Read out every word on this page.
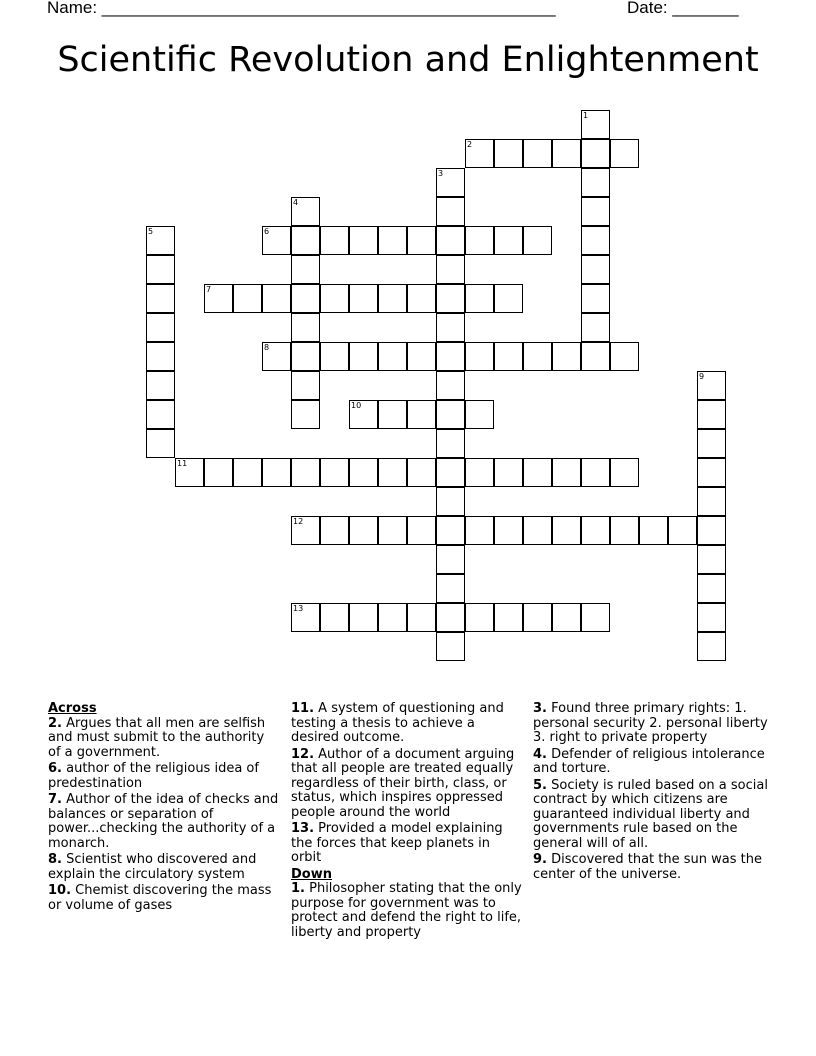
Name: ________________________________________________	Date: _______
Scientific Revolution and Enlightenment
2
6
7
8
10
11
12
13
1
3
4
5
9
Across
2. Argues that all men are selfish and must submit to the authority of a government.
6. author of the religious idea of predestination
7. Author of the idea of checks and balances or separation of power...checking the authority of a monarch.
8. Scientist who discovered and explain the circulatory system
10. Chemist discovering the mass or volume of gases
11. A system of questioning and testing a thesis to achieve a desired outcome.
12. Author of a document arguing that all people are treated equally regardless of their birth, class, or status, which inspires oppressed people around the world
13. Provided a model explaining the forces that keep planets in orbit
Down
1. Philosopher stating that the only purpose for government was to protect and defend the right to life, liberty and property
3. Found three primary rights: 1. personal security 2. personal liberty 3. right to private property
4. Defender of religious intolerance and torture.
5. Society is ruled based on a social contract by which citizens are guaranteed individual liberty and governments rule based on the general will of all.
9. Discovered that the sun was the center of the universe.
